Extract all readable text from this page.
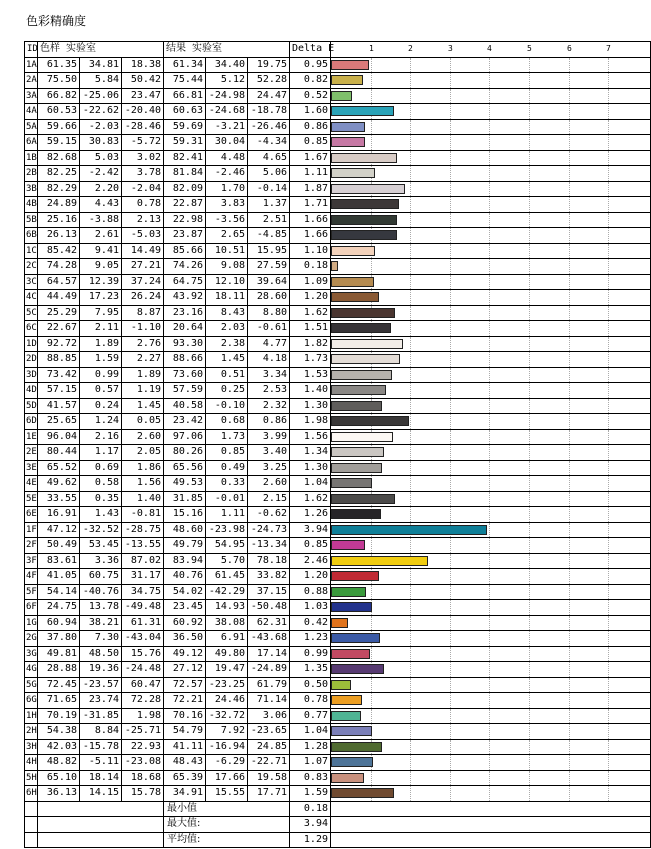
色彩精确度
ID 色样 实验室	结果 实验室	Delta E	1	2	3	4	5	6	7
1A	61.35	34.81	18.38	61.34	34.40	19.75	0.95
2A	75.50	5.84	50.42	75.44	5.12	52.28	0.82
3A	66.82 -25.06	23.47	66.81 -24.98	24.47	0.52
4A	60.53 -22.62 -20.40	60.63 -24.68 -18.78	1.60
5A	59.66	-2.03 -28.46	59.69	-3.21 -26.46	0.86
6A	59.15	30.83	-5.72	59.31	30.04	-4.34	0.85
1B	82.68	5.03	3.02	82.41	4.48	4.65	1.67
2B	82.25	-2.42	3.78	81.84	-2.46	5.06	1.11
3B	82.29	2.20	-2.04	82.09	1.70	-0.14	1.87
4B	24.89	4.43	0.78	22.87	3.83	1.37	1.71
5B	25.16	-3.88	2.13	22.98	-3.56	2.51	1.66
6B	26.13	2.61	-5.03	23.87	2.65	-4.85	1.66
1C	85.42	9.41	14.49	85.66	10.51	15.95	1.10
2C	74.28	9.05	27.21	74.26	9.08	27.59	0.18
3C	64.57	12.39	37.24	64.75	12.10	39.64	1.09
4C	44.49	17.23	26.24	43.92	18.11	28.60	1.20
5C	25.29	7.95	8.87	23.16	8.43	8.80	1.62
6C	22.67	2.11	-1.10	20.64	2.03	-0.61	1.51
1D	92.72	1.89	2.76	93.30	2.38	4.77	1.82
2D	88.85	1.59	2.27	88.66	1.45	4.18	1.73
3D	73.42	0.99	1.89	73.60	0.51	3.34	1.53
4D	57.15	0.57	1.19	57.59	0.25	2.53	1.40
5D	41.57	0.24	1.45	40.58	-0.10	2.32	1.30
6D	25.65	1.24	0.05	23.42	0.68	0.86	1.98
1E	96.04	2.16	2.60	97.06	1.73	3.99	1.56
2E	80.44	1.17	2.05	80.26	0.85	3.40	1.34
3E	65.52	0.69	1.86	65.56	0.49	3.25	1.30
4E	49.62	0.58	1.56	49.53	0.33	2.60	1.04
5E	33.55	0.35	1.40	31.85	-0.01	2.15	1.62
6E	16.91	1.43	-0.81	15.16	1.11	-0.62	1.26
1F	47.12 -32.52 -28.75	48.60 -23.98 -24.73	3.94
2F	50.49	53.45 -13.55	49.79	54.95 -13.34	0.85
3F	83.61	3.36	87.02	83.94	5.70	78.18	2.46
4F	41.05	60.75	31.17	40.76	61.45	33.82	1.20
5F	54.14 -40.76	34.75	54.02 -42.29	37.15	0.88
6F	24.75	13.78 -49.48	23.45	14.93 -50.48	1.03
1G	60.94	38.21	61.31	60.92	38.08	62.31	0.42
2G	37.80	7.30 -43.04	36.50	6.91 -43.68	1.23
3G	49.81	48.50	15.76	49.12	49.80	17.14	0.99
4G	28.88	19.36 -24.48	27.12	19.47 -24.89	1.35
5G	72.45 -23.57	60.47	72.57 -23.25	61.79	0.50
6G	71.65	23.74	72.28	72.21	24.46	71.14	0.78
1H	70.19 -31.85	1.98	70.16 -32.72	3.06	0.77
2H	54.38	8.84 -25.71	54.79	7.92 -23.65	1.04
3H	42.03 -15.78	22.93	41.11 -16.94	24.85	1.28
4H	48.82	-5.11 -23.08	48.43	-6.29 -22.71	1.07
5H	65.10	18.14	18.68	65.39	17.66	19.58	0.83
6H	36.13	14.15	15.78	34.91	15.55	17.71	1.59
最小值	0.18
最大值:	3.94
平均值:	1.29
